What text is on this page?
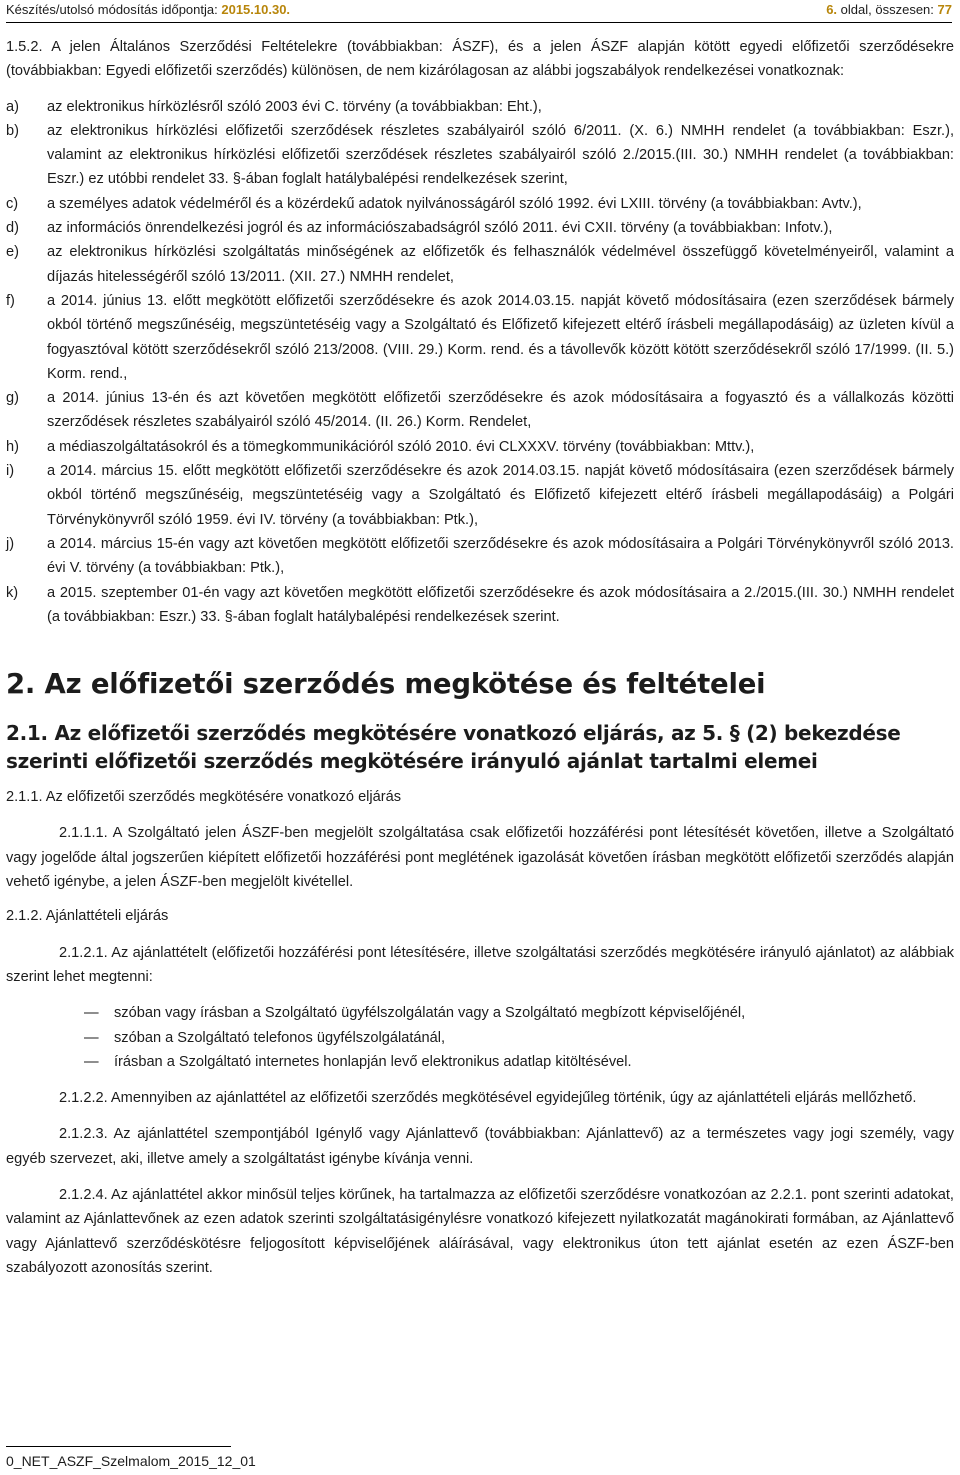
Készítés/utolsó módosítás időpontja: 2015.10.30.	6. oldal, összesen: 77

1.5.2. A jelen Általános Szerződési Feltételekre (továbbiakban: ÁSZF), és a jelen ÁSZF alapján kötött egyedi előfizetői szerződésekre (továbbiakban: Egyedi előfizetői szerződés) különösen, de nem kizárólagosan az alábbi jogszabályok rendelkezései vonatkoznak:

a)	az elektronikus hírközlésről szóló 2003 évi C. törvény (a továbbiakban: Eht.),
b)	az elektronikus hírközlési előfizetői szerződések részletes szabályairól szóló 6/2011. (X. 6.) NMHH rendelet (a továbbiakban: Eszr.), valamint az elektronikus hírközlési előfizetői szerződések részletes szabályairól szóló 2./2015.(III. 30.) NMHH rendelet (a továbbiakban: Eszr.) ez utóbbi rendelet 33. §-ában foglalt hatálybalépési rendelkezések szerint,
c)	a személyes adatok védelméről és a közérdekű adatok nyilvánosságáról szóló 1992. évi LXIII. törvény (a továbbiakban: Avtv.),
d)	az információs önrendelkezési jogról és az információszabadságról szóló 2011. évi CXII. törvény (a továbbiakban: Infotv.),
e)	az elektronikus hírközlési szolgáltatás minőségének az előfizetők és felhasználók védelmével összefüggő követelményeiről, valamint a díjazás hitelességéről szóló 13/2011. (XII. 27.) NMHH rendelet,
f)	a 2014. június 13. előtt megkötött előfizetői szerződésekre és azok 2014.03.15. napját követő módosításaira (ezen szerződések bármely okból történő megszűnéséig, megszüntetéséig vagy a Szolgáltató és Előfizető kifejezett eltérő írásbeli megállapodásáig) az üzleten kívül a fogyasztóval kötött szerződésekről szóló 213/2008. (VIII. 29.) Korm. rend. és a távollevők között kötött szerződésekről szóló 17/1999. (II. 5.) Korm. rend.,
g)	a 2014. június 13-én és azt követően megkötött előfizetői szerződésekre és azok módosításaira a fogyasztó és a vállalkozás közötti szerződések részletes szabályairól szóló 45/2014. (II. 26.) Korm. Rendelet,
h)	a médiaszolgáltatásokról és a tömegkommunikációról szóló 2010. évi CLXXXV. törvény (továbbiakban: Mttv.),
i)	a 2014. március 15. előtt megkötött előfizetői szerződésekre és azok 2014.03.15. napját követő módosításaira (ezen szerződések bármely okból történő megszűnéséig, megszüntetéséig vagy a Szolgáltató és Előfizető kifejezett eltérő írásbeli megállapodásáig) a Polgári Törvénykönyvről szóló 1959. évi IV. törvény (a továbbiakban: Ptk.),
j)	a 2014. március 15-én vagy azt követően megkötött előfizetői szerződésekre és azok módosításaira a Polgári Törvénykönyvről szóló 2013. évi V. törvény (a továbbiakban: Ptk.),
k)	a 2015. szeptember 01-én vagy azt követően megkötött előfizetői szerződésekre és azok módosításaira a 2./2015.(III. 30.) NMHH rendelet (a továbbiakban: Eszr.) 33. §-ában foglalt hatálybalépési rendelkezések szerint.
2. Az előfizetői szerződés megkötése és feltételei
2.1. Az előfizetői szerződés megkötésére vonatkozó eljárás, az 5. § (2) bekezdése szerinti előfizetői szerződés megkötésére irányuló ajánlat tartalmi elemei

2.1.1. Az előfizetői szerződés megkötésére vonatkozó eljárás

2.1.1.1. A Szolgáltató jelen ÁSZF-ben megjelölt szolgáltatása csak előfizetői hozzáférési pont létesítését követően, illetve a Szolgáltató vagy jogelőde által jogszerűen kiépített előfizetői hozzáférési pont meglétének igazolását követően írásban megkötött előfizetői szerződés alapján vehető igénybe, a jelen ÁSZF-ben megjelölt kivétellel.

2.1.2. Ajánlattételi eljárás

2.1.2.1. Az ajánlattételt (előfizetői hozzáférési pont létesítésére, illetve szolgáltatási szerződés megkötésére irányuló ajánlatot) az alábbiak szerint lehet megtenni:

— szóban vagy írásban a Szolgáltató ügyfélszolgálatán vagy a Szolgáltató megbízott képviselőjénél,
— szóban a Szolgáltató telefonos ügyfélszolgálatánál,
— írásban a Szolgáltató internetes honlapján levő elektronikus adatlap kitöltésével.

2.1.2.2. Amennyiben az ajánlattétel az előfizetői szerződés megkötésével egyidejűleg történik, úgy az ajánlattételi eljárás mellőzhető.

2.1.2.3. Az ajánlattétel szempontjából Igénylő vagy Ajánlattevő (továbbiakban: Ajánlattevő) az a természetes vagy jogi személy, vagy egyéb szervezet, aki, illetve amely a szolgáltatást igénybe kívánja venni.

2.1.2.4. Az ajánlattétel akkor minősül teljes körűnek, ha tartalmazza az előfizetői szerződésre vonatkozóan az 2.2.1. pont szerinti adatokat, valamint az Ajánlattevőnek az ezen adatok szerinti szolgáltatásigénylésre vonatkozó kifejezett nyilatkozatát magánokirati formában, az Ajánlattevő vagy Ajánlattevő szerződéskötésre feljogosított képviselőjének aláírásával, vagy elektronikus úton tett ajánlat esetén az ezen ÁSZF-ben szabályozott azonosítás szerint.

0_NET_ASZF_Szelmalom_2015_12_01
